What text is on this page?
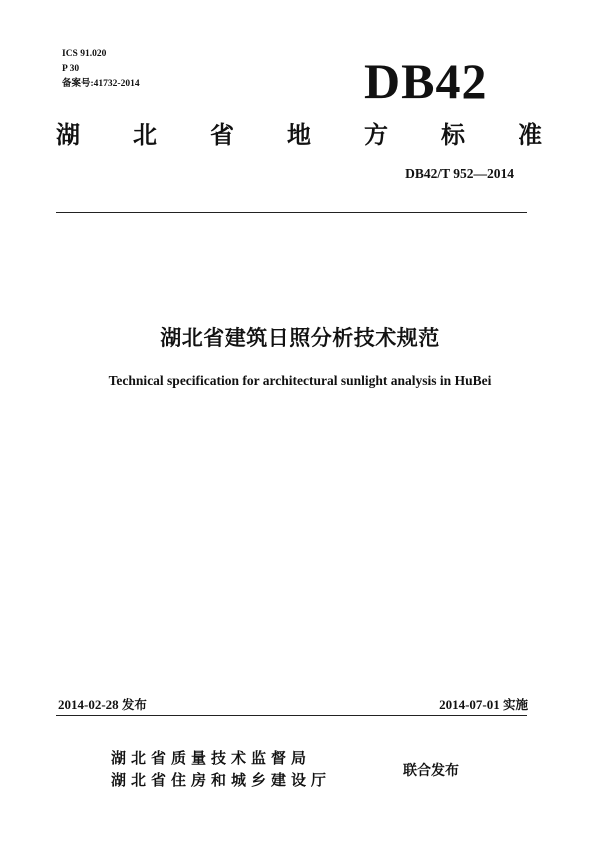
ICS 91.020
P 30
备案号:41732-2014	DB42
湖 北 省 地 方 标 准
DB42/T 952—2014
湖北省建筑日照分析技术规范
Technical specification for architectural sunlight analysis in HuBei
2014-02-28 发布	2014-07-01 实施
湖北省质量技术监督局
湖北省住房和城乡建设厅	联合发布
